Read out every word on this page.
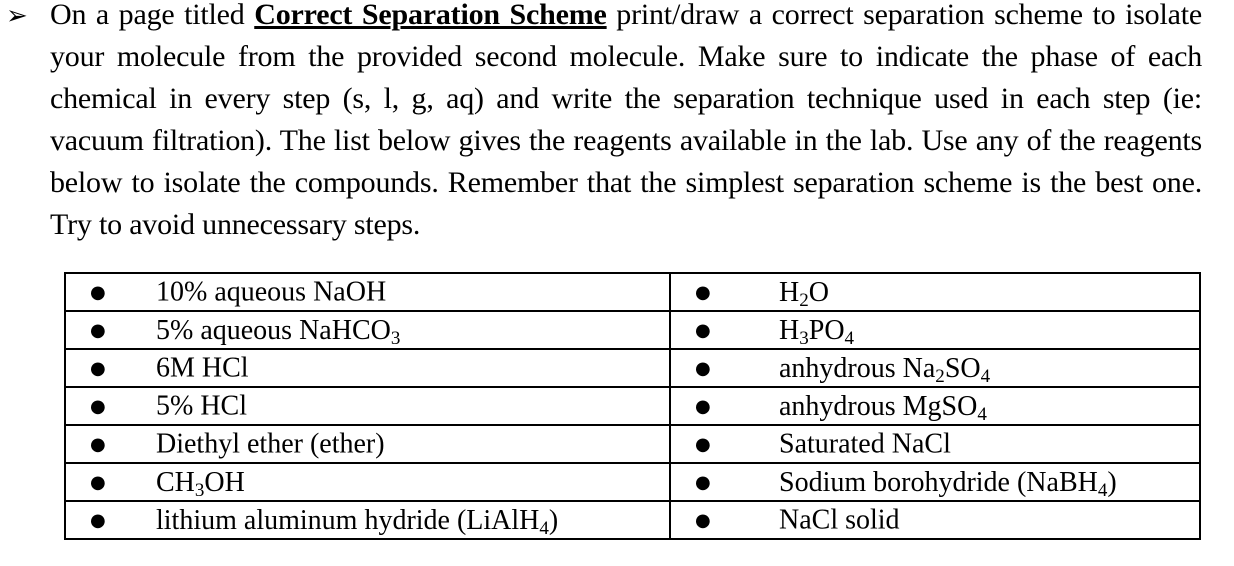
➢ On a page titled Correct Separation Scheme print/draw a correct separation scheme to isolate your molecule from the provided second molecule. Make sure to indicate the phase of each chemical in every step (s, l, g, aq) and write the separation technique used in each step (ie: vacuum filtration). The list below gives the reagents available in the lab. Use any of the reagents below to isolate the compounds. Remember that the simplest separation scheme is the best one. Try to avoid unnecessary steps.
● 10% aqueous NaOH	● $H_2O$
● 5% aqueous NaHCO$_3$	● $H_3PO_4$
● 6M HCl	● anhydrous $Na_2SO_4$
● 5% HCl	● anhydrous MgSO$_4$
● Diethyl ether (ether)	● Saturated NaCl
● $CH_3OH$	● Sodium borohydride (NaBH$_4$)
● lithium aluminum hydride (LiAlH$_4$)	● NaCl solid
